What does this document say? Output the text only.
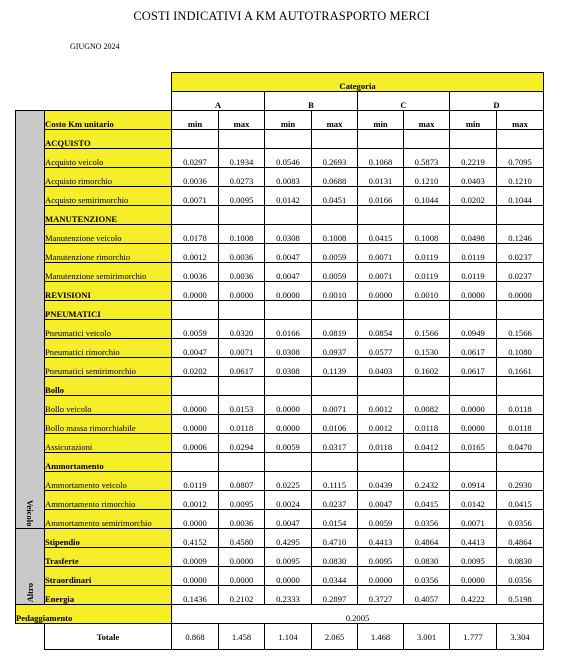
COSTI INDICATIVI A KM AUTOTRASPORTO MERCI
GIUGNO 2024
		Categoria							
		A		B		C		D	
Veicolo	Costo Km unitario	min	max	min	max	min	max	min	max
	ACQUISTO								
	Acquisto veicolo	0.0297	0.1934	0.0546	0.2693	0.1068	0.5873	0.2219	0.7095
	Acquisto rimorchio	0.0036	0.0273	0.0083	0.0688	0.0131	0.1210	0.0403	0.1210
	Acquisto semirimorchio	0.0071	0.0095	0.0142	0.0451	0.0166	0.1044	0.0202	0.1044
	MANUTENZIONE								
	Manutenzione veicolo	0.0178	0.1008	0.0308	0.1008	0.0415	0.1008	0.0498	0.1246
	Manutenzione rimorchio	0.0012	0.0036	0.0047	0.0059	0.0071	0.0119	0.0119	0.0237
	Manutenzione semirimorchio	0.0036	0.0036	0.0047	0.0059	0.0071	0.0119	0.0119	0.0237
	REVISIONI	0.0000	0.0000	0.0000	0.0010	0.0000	0.0010	0.0000	0.0000
	PNEUMATICI								
	Pneumatici veicolo	0.0059	0.0320	0.0166	0.0819	0.0854	0.1566	0.0949	0.1566
	Pneumatici rimorchio	0.0047	0.0071	0.0308	0.0937	0.0577	0.1530	0.0617	0.1080
	Pneumatici semirimorchio	0.0202	0.0617	0.0308	0.1139	0.0403	0.1602	0.0617	0.1661
	Bollo								
	Bollo veicolo	0.0000	0.0153	0.0000	0.0071	0.0012	0.0082	0.0000	0.0118
	Bollo massa rimorchiabile	0.0000	0.0118	0.0000	0.0106	0.0012	0.0118	0.0000	0.0118
	Assicurazioni	0.0006	0.0294	0.0059	0.0317	0.0118	0.0412	0.0165	0.0470
	Ammortamento								
	Ammortamento veicolo	0.0119	0.0807	0.0225	0.1115	0.0439	0.2432	0.0914	0.2930
	Ammortamento rimorchio	0.0012	0.0095	0.0024	0.0237	0.0047	0.0415	0.0142	0.0415
	Ammortamento semirimorchio	0.0000	0.0036	0.0047	0.0154	0.0059	0.0356	0.0071	0.0356
Altro	Stipendio	0.4152	0.4580	0.4295	0.4710	0.4413	0.4864	0.4413	0.4864
	Trasferte	0.0009	0.0000	0.0095	0.0830	0.0095	0.0830	0.0095	0.0830
	Straordinari	0.0000	0.0000	0.0000	0.0344	0.0000	0.0356	0.0000	0.0356
	Energia	0.1436	0.2102	0.2333	0.2897	0.3727	0.4057	0.4222	0.5198
Pedaggiamento		0.2005							
	Totale	0.868	1.458	1.104	2.065	1.468	3.001	1.777	3.304
